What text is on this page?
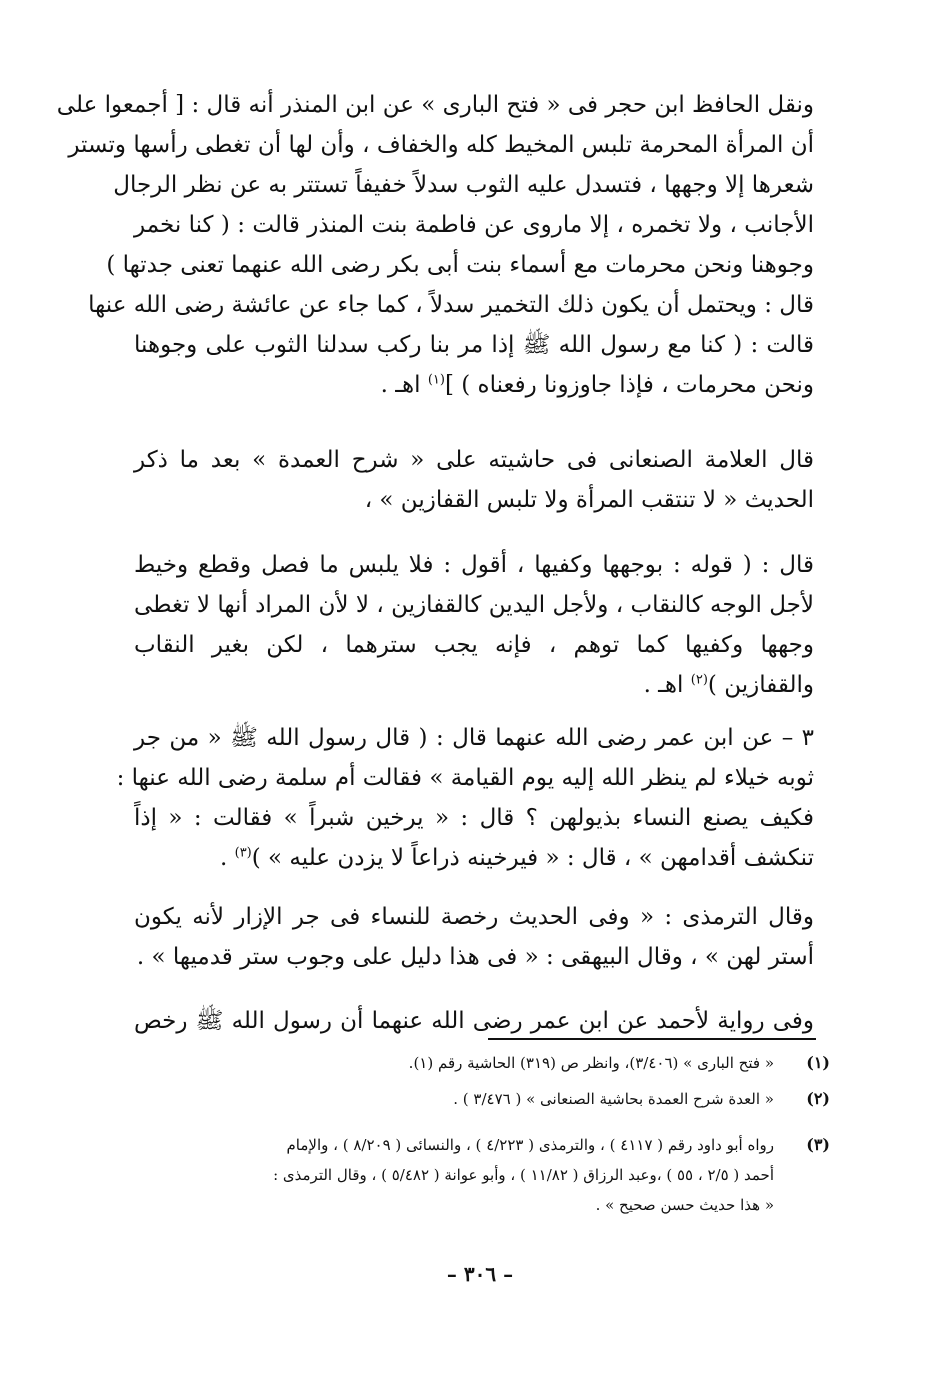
ونقل الحافظ ابن حجر فى « فتح البارى » عن ابن المنذر أنه قال : [ أجمعوا على
أن المرأة المحرمة تلبس المخيط كله والخفاف ، وأن لها أن تغطى رأسها وتستر
شعرها إلا وجهها ، فتسدل عليه الثوب سدلاً خفيفاً تستتر به عن نظر الرجال
الأجانب ، ولا تخمره ، إلا ماروى عن فاطمة بنت المنذر قالت : ( كنا نخمر
وجوهنا ونحن محرمات مع أسماء بنت أبى بكر رضى الله عنهما تعنى جدتها )
قال : ويحتمل أن يكون ذلك التخمير سدلاً ، كما جاء عن عائشة رضى الله عنها
قالت : ( كنا مع رسول الله ﷺ إذا مر بنا ركب سدلنا الثوب على وجوهنا
ونحن محرمات ، فإذا جاوزونا رفعناه ) ]$^{(١)}$ اهـ .
قال العلامة الصنعانى فى حاشيته على « شرح العمدة » بعد ما ذكر
الحديث « لا تنتقب المرأة ولا تلبس القفازين » ،
قال : ( قوله : بوجهها وكفيها ، أقول : فلا يلبس ما فصل وقطع وخيط
لأجل الوجه كالنقاب ، ولأجل اليدين كالقفازين ، لا لأن المراد أنها لا تغطى
وجهها وكفيها كما توهم ، فإنه يجب سترهما ، لكن بغير النقاب
والقفازين )$^{(٢)}$ اهـ .
٣ – عن ابن عمر رضى الله عنهما قال : ( قال رسول الله ﷺ « من جر
ثوبه خيلاء لم ينظر الله إليه يوم القيامة » فقالت أم سلمة رضى الله عنها :
فكيف يصنع النساء بذيولهن ؟ قال : « يرخين شبراً » فقالت : « إذاً
تنكشف أقدامهن » ، قال : « فيرخينه ذراعاً لا يزدن عليه » )$^{(٣)}$ .
وقال الترمذى : « وفى الحديث رخصة للنساء فى جر الإزار لأنه يكون
أستر لهن » ، وقال البيهقى : « فى هذا دليل على وجوب ستر قدميها » .
وفى رواية لأحمد عن ابن عمر رضى الله عنهما أن رسول الله ﷺ رخص
(١)
« فتح البارى » (٣/٤٠٦)، وانظر ص (٣١٩) الحاشية رقم (١).
(٢)
« العدة شرح العمدة بحاشية الصنعانى » ( ٣/٤٧٦ ) .
(٣)
رواه أبو داود رقم ( ٤١١٧ ) ، والترمذى ( ٤/٢٢٣ ) ، والنسائى ( ٨/٢٠٩ ) ، والإمام
أحمد ( ٢/٥ ، ٥٥ ) ،وعبد الرزاق ( ١١/٨٢ ) ، وأبو عوانة ( ٥/٤٨٢ ) ، وقال الترمذى :
« هذا حديث حسن صحيح » .
– ٣٠٦ –
